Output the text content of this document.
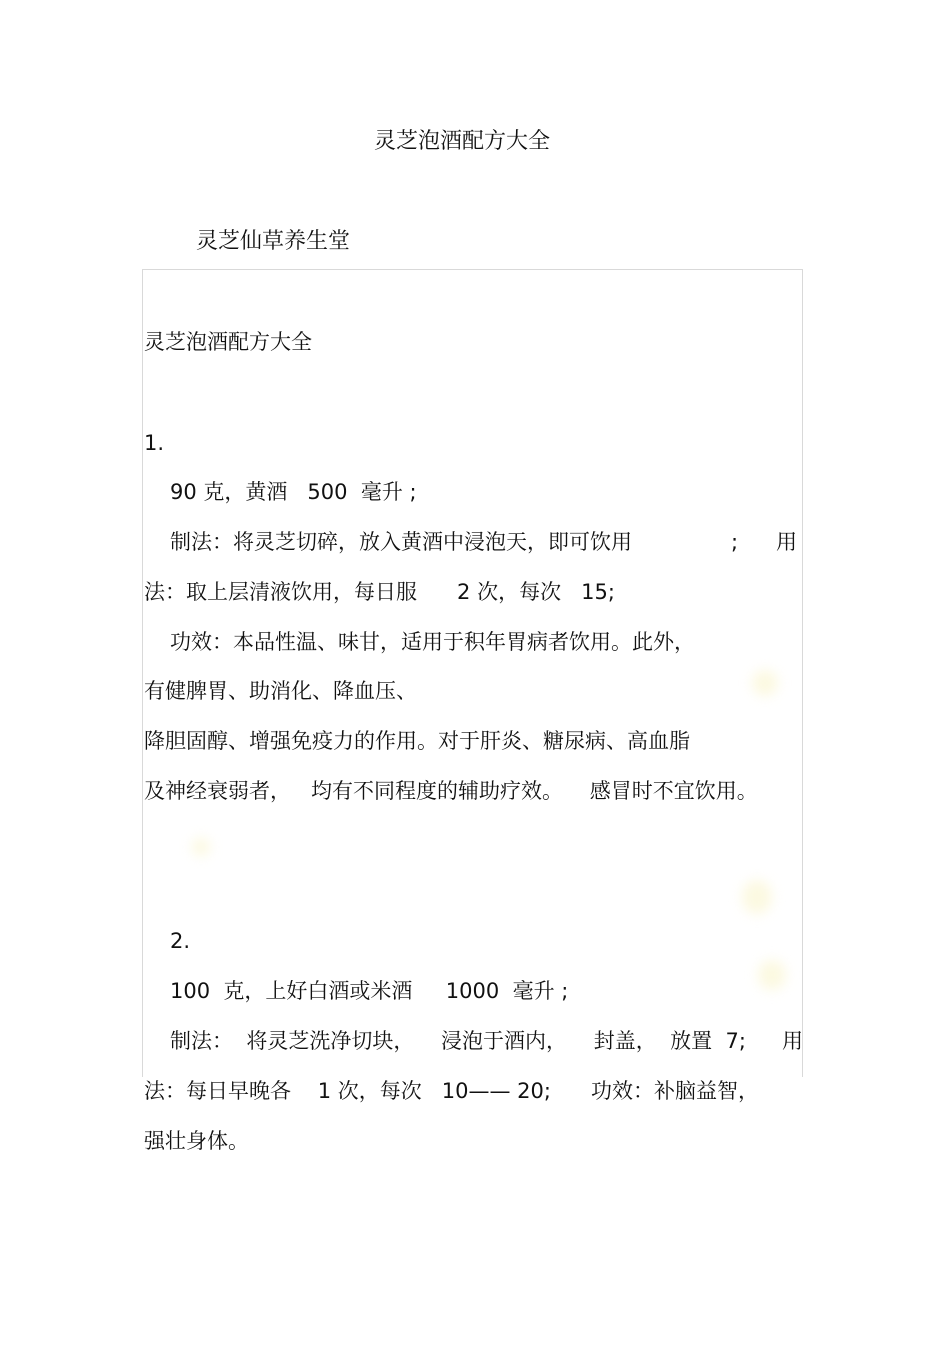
灵芝泡酒配方大全
灵芝仙草养生堂
灵芝泡酒配方大全
1.
90 克，黄酒   500  毫升 ;
制法：将灵芝切碎，放入黄酒中浸泡天，即可饮用	; 用
法：取上层清液饮用，每日服      2 次，每次   15;
功效：本品性温、味甘，适用于积年胃病者饮用。此外，
有健脾胃、助消化、降血压、
降胆固醇、增强免疫力的作用。对于肝炎、糖尿病、高血脂
及神经衰弱者，   均有不同程度的辅助疗效。    感冒时不宜饮用。
2.
100  克，上好白酒或米酒     1000  毫升 ;
制法：  将灵芝洗净切块，    浸泡于酒内，    封盖，  放置  7; 用
法：每日早晚各    1 次，每次   10—— 20;      功效：补脑益智，
强壮身体。
